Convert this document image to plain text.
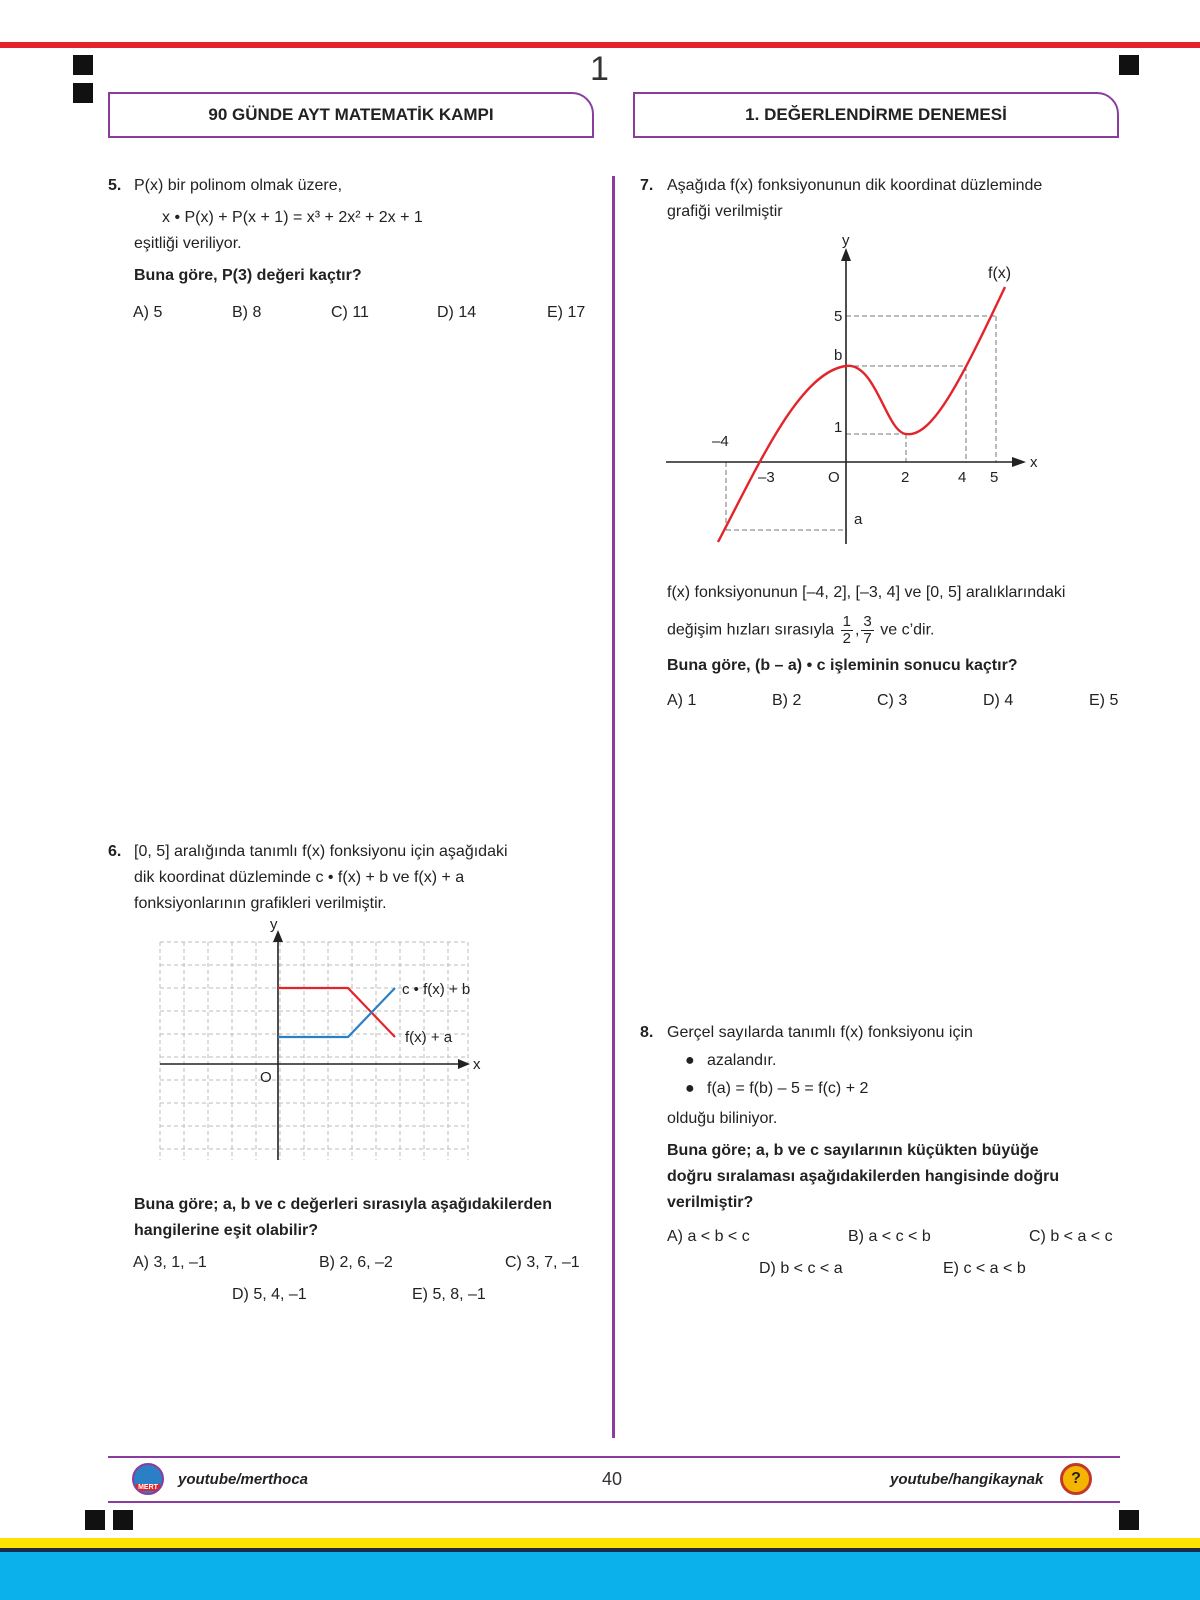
1
90 GÜNDE AYT MATEMATİK KAMPI	1. DEĞERLENDİRME DENEMESİ
5. P(x) bir polinom olmak üzere,
x • P(x) + P(x + 1) = x³ + 2x² + 2x + 1
eşitliği veriliyor.
Buna göre, P(3) değeri kaçtır?
A) 5	B) 8	C) 11	D) 14	E) 17
6. [0, 5] aralığında tanımlı f(x) fonksiyonu için aşağıdaki
dik koordinat düzleminde c • f(x) + b ve f(x) + a
fonksiyonlarının grafikleri verilmiştir.
y
x
O
c • f(x) + b
f(x) + a
Buna göre; a, b ve c değerleri sırasıyla aşağıdakilerden
hangilerine eşit olabilir?
A) 3, 1, –1	B) 2, 6, –2	C) 3, 7, –1
D) 5, 4, –1	E) 5, 8, –1
7. Aşağıda f(x) fonksiyonunun dik koordinat düzleminde
grafiği verilmiştir
y
x
O
f(x)
–4
–3	2	4 5
5
b
1
a
f(x) fonksiyonunun [–4, 2], [–3, 4] ve [0, 5] aralıklarındaki
değişim hızları sırasıyla $\frac{1}{2}$ , $\frac{3}{7}$ ve c’dir.
Buna göre, (b – a) • c işleminin sonucu kaçtır?
A) 1	B) 2	C) 3	D) 4	E) 5
8. Gerçel sayılarda tanımlı f(x) fonksiyonu için
● azalandır.
● f(a) = f(b) – 5 = f(c) + 2
olduğu biliniyor.
Buna göre; a, b ve c sayılarının küçükten büyüğe
doğru sıralaması aşağıdakilerden hangisinde doğru
verilmiştir?
A) a < b < c	B) a < c < b	C) b < a < c
D) b < c < a	E) c < a < b
MERT youtube/merthoca	40	youtube/hangikaynak ?
